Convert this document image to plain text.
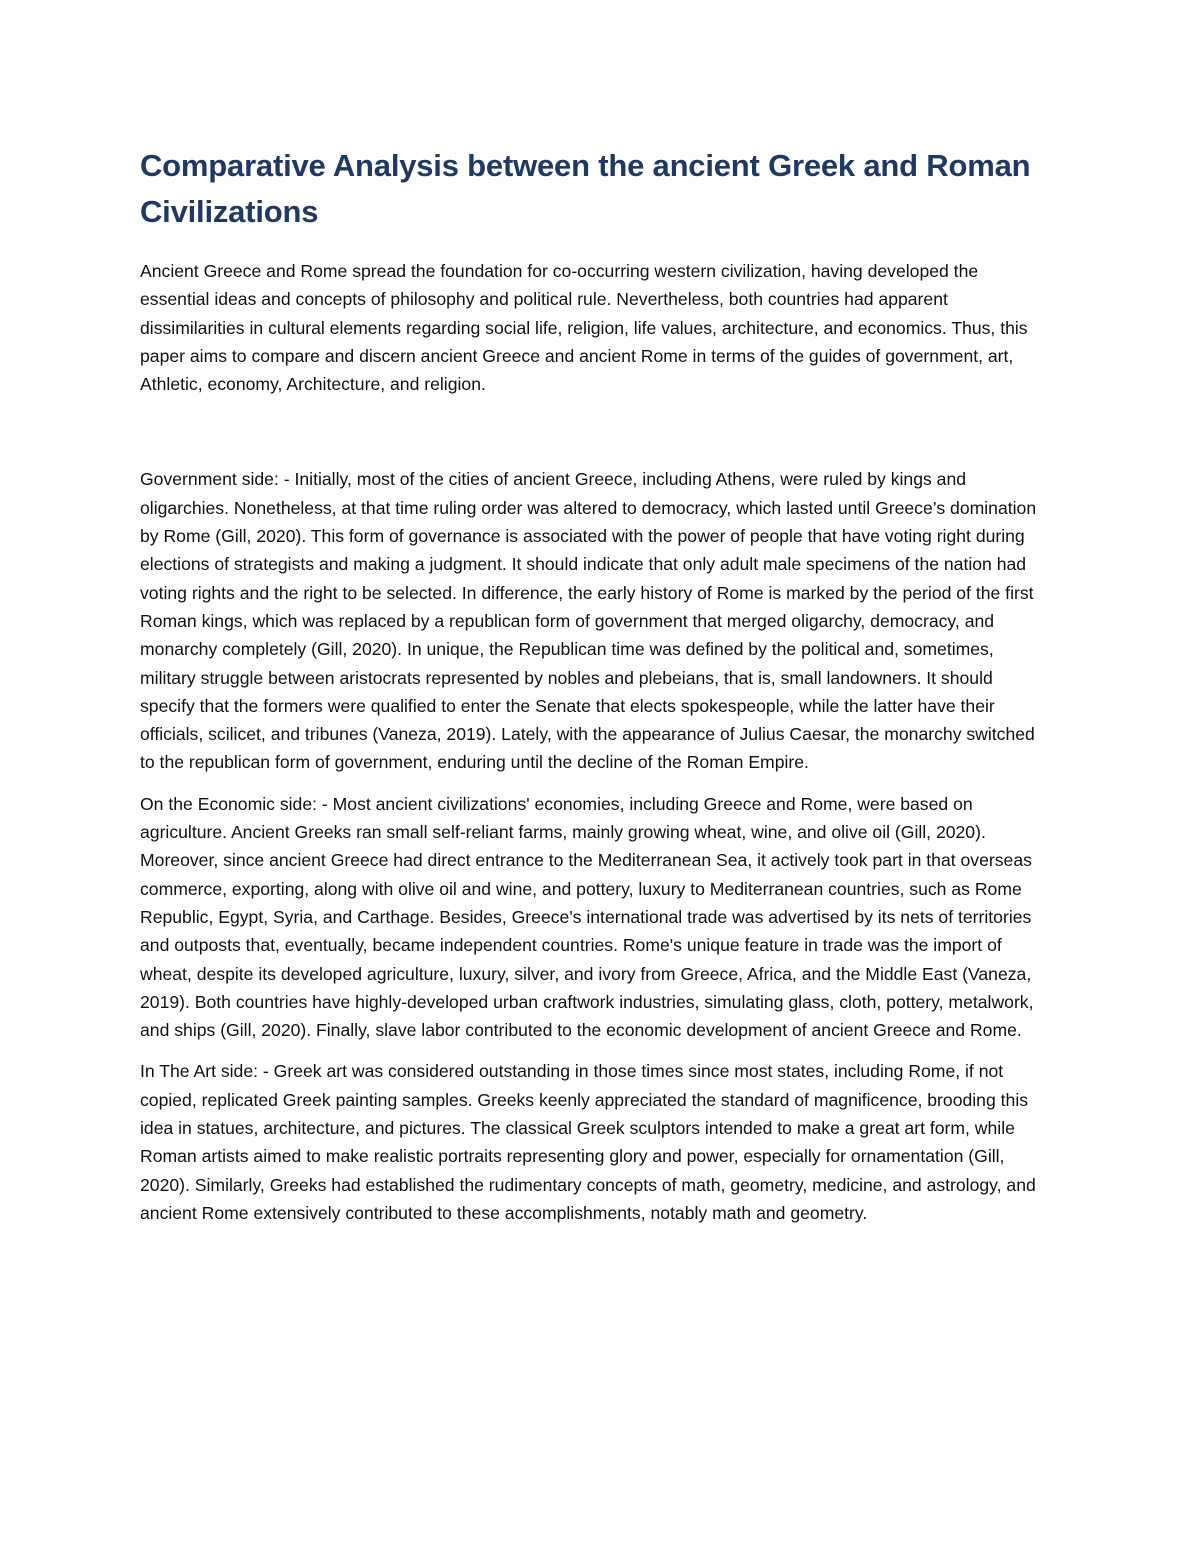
Comparative Analysis between the ancient Greek and Roman Civilizations

Ancient Greece and Rome spread the foundation for co-occurring western civilization, having developed the essential ideas and concepts of philosophy and political rule. Nevertheless, both countries had apparent dissimilarities in cultural elements regarding social life, religion, life values, architecture, and economics. Thus, this paper aims to compare and discern ancient Greece and ancient Rome in terms of the guides of government, art, Athletic, economy, Architecture, and religion.

Government side: - Initially, most of the cities of ancient Greece, including Athens, were ruled by kings and oligarchies. Nonetheless, at that time ruling order was altered to democracy, which lasted until Greece’s domination by Rome (Gill, 2020). This form of governance is associated with the power of people that have voting right during elections of strategists and making a judgment. It should indicate that only adult male specimens of the nation had voting rights and the right to be selected. In difference, the early history of Rome is marked by the period of the first Roman kings, which was replaced by a republican form of government that merged oligarchy, democracy, and monarchy completely (Gill, 2020). In unique, the Republican time was defined by the political and, sometimes, military struggle between aristocrats represented by nobles and plebeians, that is, small landowners. It should specify that the formers were qualified to enter the Senate that elects spokespeople, while the latter have their officials, scilicet, and tribunes (Vaneza, 2019). Lately, with the appearance of Julius Caesar, the monarchy switched to the republican form of government, enduring until the decline of the Roman Empire.

On the Economic side: - Most ancient civilizations' economies, including Greece and Rome, were based on agriculture. Ancient Greeks ran small self-reliant farms, mainly growing wheat, wine, and olive oil (Gill, 2020). Moreover, since ancient Greece had direct entrance to the Mediterranean Sea, it actively took part in that overseas commerce, exporting, along with olive oil and wine, and pottery, luxury to Mediterranean countries, such as Rome Republic, Egypt, Syria, and Carthage. Besides, Greece's international trade was advertised by its nets of territories and outposts that, eventually, became independent countries. Rome's unique feature in trade was the import of wheat, despite its developed agriculture, luxury, silver, and ivory from Greece, Africa, and the Middle East (Vaneza, 2019). Both countries have highly-developed urban craftwork industries, simulating glass, cloth, pottery, metalwork, and ships (Gill, 2020). Finally, slave labor contributed to the economic development of ancient Greece and Rome.

In The Art side: - Greek art was considered outstanding in those times since most states, including Rome, if not copied, replicated Greek painting samples. Greeks keenly appreciated the standard of magnificence, brooding this idea in statues, architecture, and pictures. The classical Greek sculptors intended to make a great art form, while Roman artists aimed to make realistic portraits representing glory and power, especially for ornamentation (Gill, 2020). Similarly, Greeks had established the rudimentary concepts of math, geometry, medicine, and astrology, and ancient Rome extensively contributed to these accomplishments, notably math and geometry.
